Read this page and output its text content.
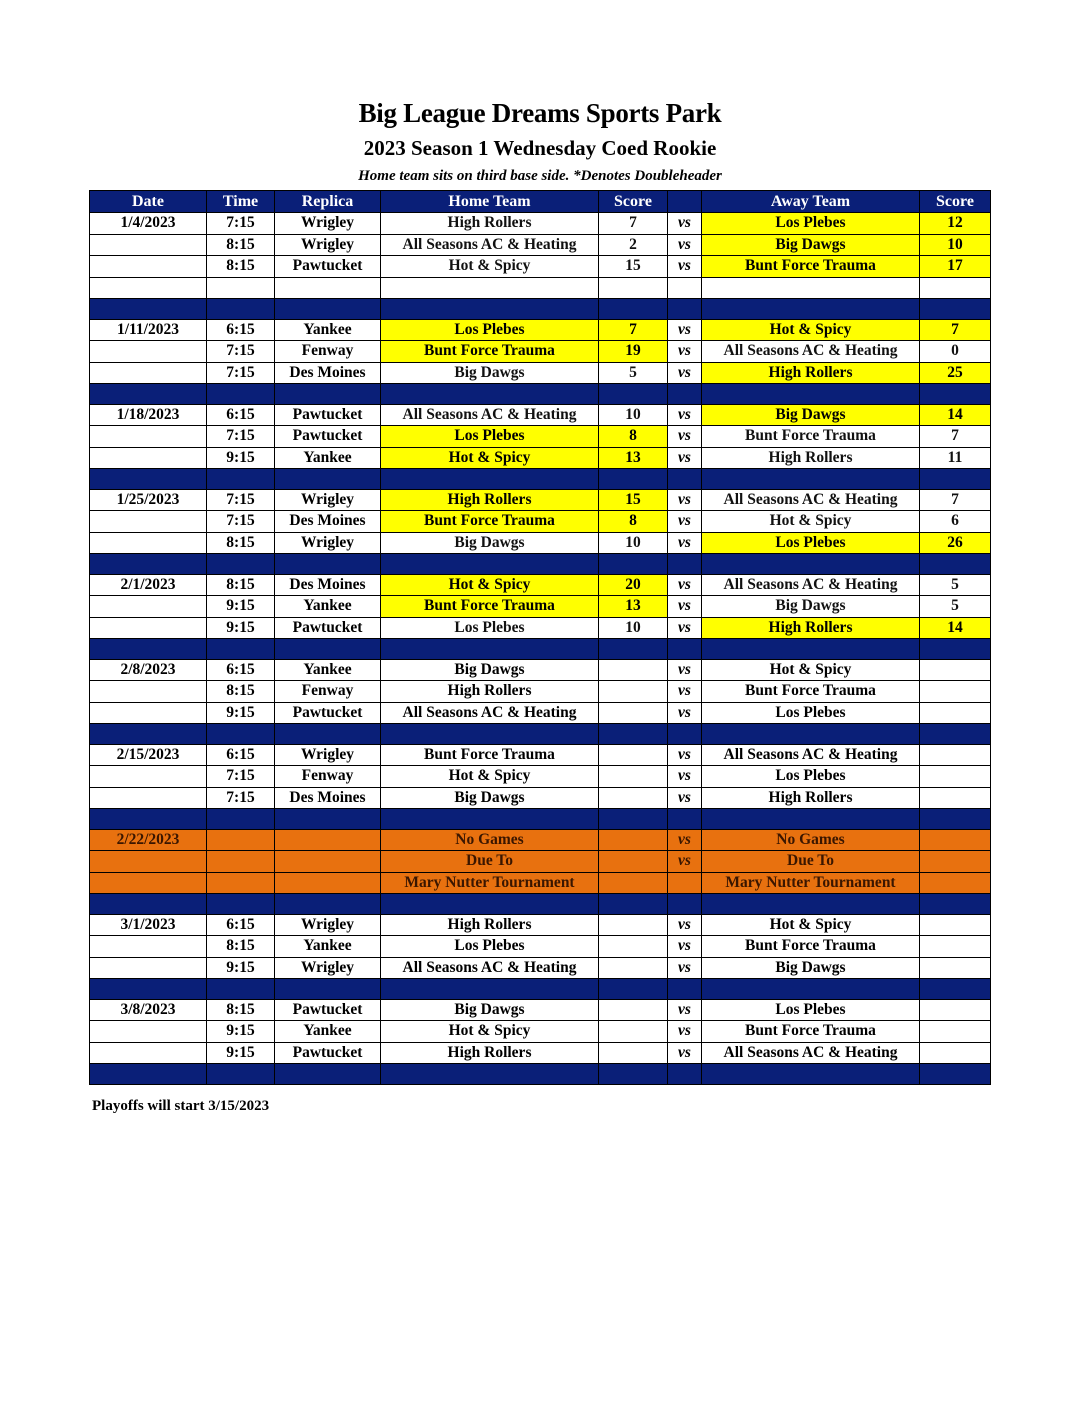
Big League Dreams Sports Park
2023 Season 1 Wednesday Coed Rookie
Home team sits on third base side. *Denotes Doubleheader
Date	Time	Replica	Home Team	Score		Away Team	Score
1/4/2023	7:15	Wrigley	High Rollers	7	vs	Los Plebes	12
	8:15	Wrigley	All Seasons AC & Heating	2	vs	Big Dawgs	10
	8:15	Pawtucket	Hot & Spicy	15	vs	Bunt Force Trauma	17

1/11/2023	6:15	Yankee	Los Plebes	7	vs	Hot & Spicy	7
	7:15	Fenway	Bunt Force Trauma	19	vs	All Seasons AC & Heating	0
	7:15	Des Moines	Big Dawgs	5	vs	High Rollers	25

1/18/2023	6:15	Pawtucket	All Seasons AC & Heating	10	vs	Big Dawgs	14
	7:15	Pawtucket	Los Plebes	8	vs	Bunt Force Trauma	7
	9:15	Yankee	Hot & Spicy	13	vs	High Rollers	11

1/25/2023	7:15	Wrigley	High Rollers	15	vs	All Seasons AC & Heating	7
	7:15	Des Moines	Bunt Force Trauma	8	vs	Hot & Spicy	6
	8:15	Wrigley	Big Dawgs	10	vs	Los Plebes	26

2/1/2023	8:15	Des Moines	Hot & Spicy	20	vs	All Seasons AC & Heating	5
	9:15	Yankee	Bunt Force Trauma	13	vs	Big Dawgs	5
	9:15	Pawtucket	Los Plebes	10	vs	High Rollers	14

2/8/2023	6:15	Yankee	Big Dawgs		vs	Hot & Spicy	
	8:15	Fenway	High Rollers		vs	Bunt Force Trauma	
	9:15	Pawtucket	All Seasons AC & Heating		vs	Los Plebes	

2/15/2023	6:15	Wrigley	Bunt Force Trauma		vs	All Seasons AC & Heating	
	7:15	Fenway	Hot & Spicy		vs	Los Plebes	
	7:15	Des Moines	Big Dawgs		vs	High Rollers	

2/22/2023			No Games		vs	No Games	
			Due To		vs	Due To	
			Mary Nutter Tournament			Mary Nutter Tournament	

3/1/2023	6:15	Wrigley	High Rollers		vs	Hot & Spicy	
	8:15	Yankee	Los Plebes		vs	Bunt Force Trauma	
	9:15	Wrigley	All Seasons AC & Heating		vs	Big Dawgs	

3/8/2023	8:15	Pawtucket	Big Dawgs		vs	Los Plebes	
	9:15	Yankee	Hot & Spicy		vs	Bunt Force Trauma	
	9:15	Pawtucket	High Rollers		vs	All Seasons AC & Heating	

Playoffs will start 3/15/2023
